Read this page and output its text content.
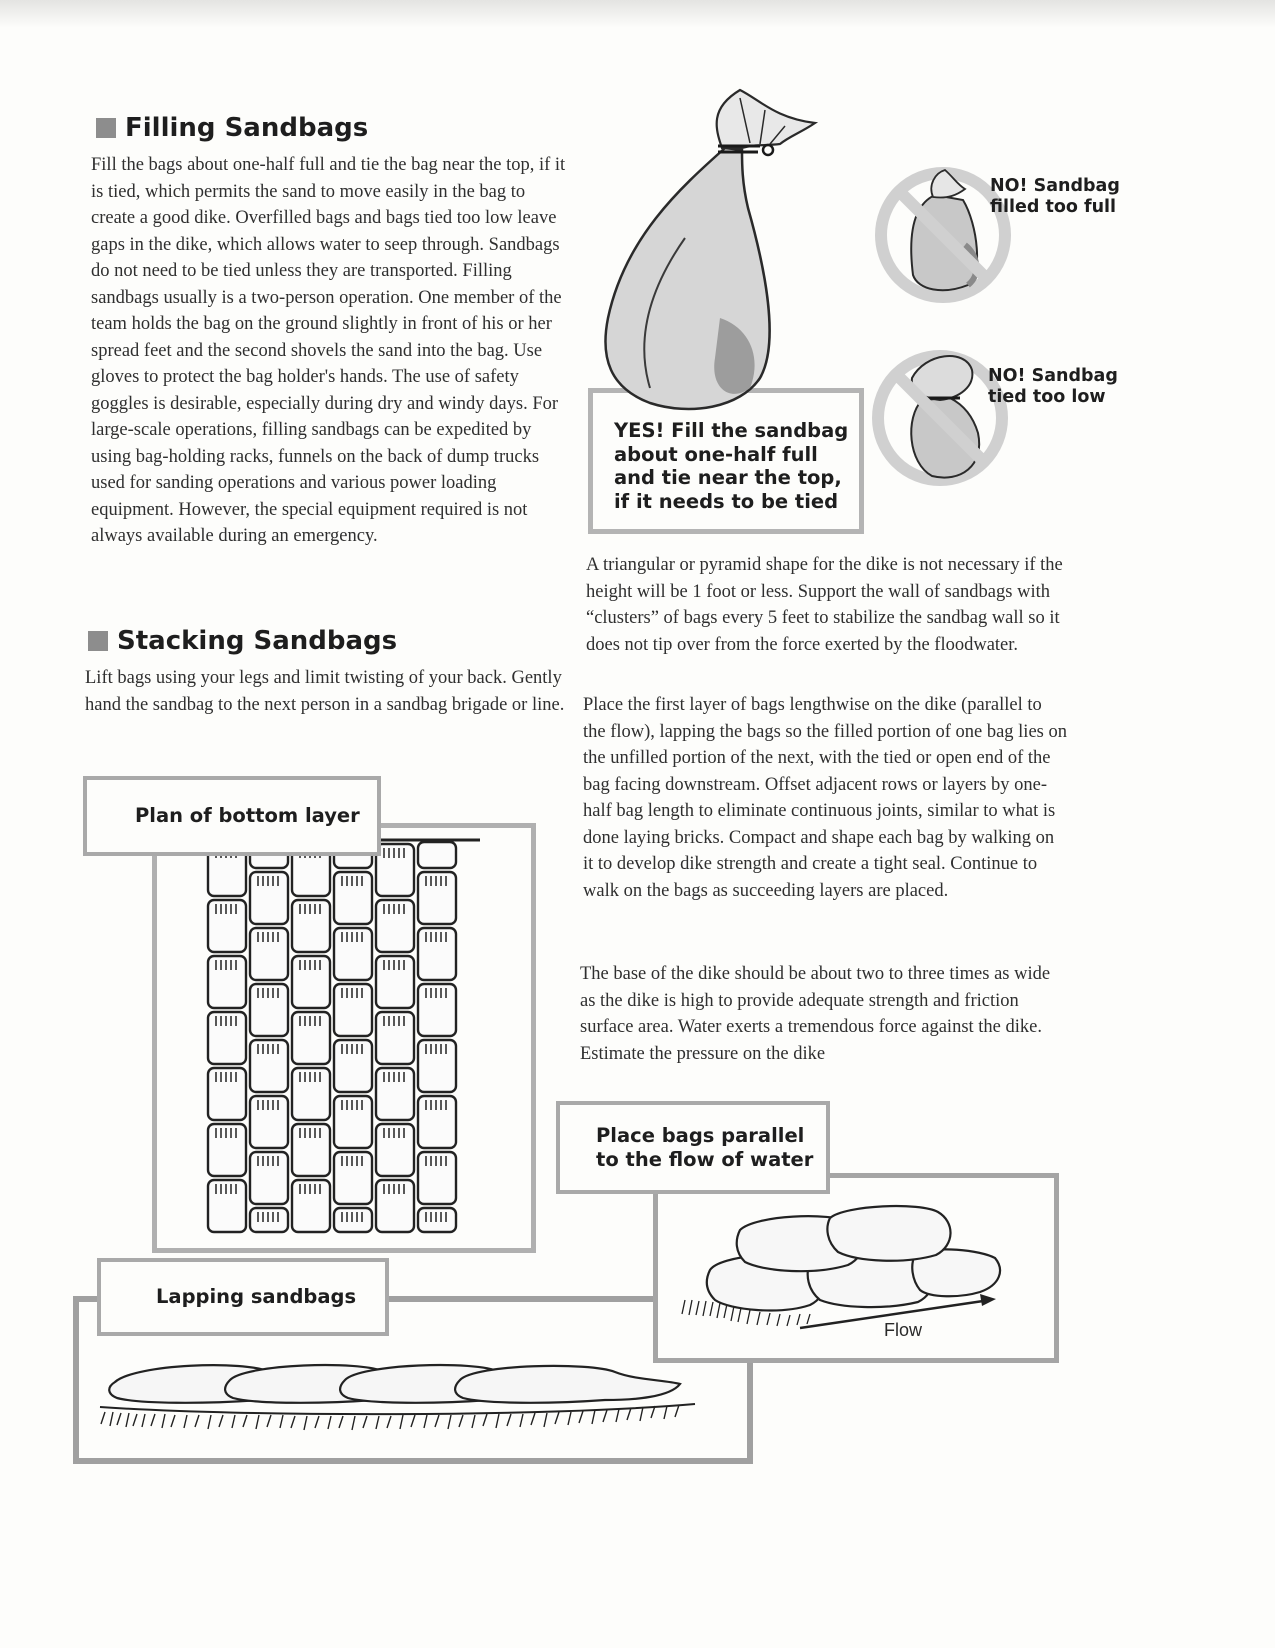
Filling Sandbags

Fill the bags about one-half full and tie the bag near the top, if it is tied, which permits the sand to move easily in the bag to create a good dike. Overfilled bags and bags tied too low leave gaps in the dike, which allows water to seep through. Sandbags do not need to be tied unless they are transported. Filling sandbags usually is a two-person operation. One member of the team holds the bag on the ground slightly in front of his or her spread feet and the second shovels the sand into the bag. Use gloves to protect the bag holder's hands. The use of safety goggles is desirable, especially during dry and windy days. For large-scale operations, filling sandbags can be expedited by using bag-holding racks, funnels on the back of dump trucks used for sanding operations and various power loading equipment. However, the special equipment required is not always available during an emergency.

Stacking Sandbags

Lift bags using your legs and limit twisting of your back. Gently hand the sandbag to the next person in a sandbag brigade or line.

YES! Fill the sandbag about one-half full and tie near the top, if it needs to be tied
NO! Sandbag filled too full
NO! Sandbag tied too low

A triangular or pyramid shape for the dike is not necessary if the height will be 1 foot or less. Support the wall of sandbags with “clusters” of bags every 5 feet to stabilize the sandbag wall so it does not tip over from the force exerted by the floodwater.

Place the first layer of bags lengthwise on the dike (parallel to the flow), lapping the bags so the filled portion of one bag lies on the unfilled portion of the next, with the tied or open end of the bag facing downstream. Offset adjacent rows or layers by one-half bag length to eliminate continuous joints, similar to what is done laying bricks. Compact and shape each bag by walking on it to develop dike strength and create a tight seal. Continue to walk on the bags as succeeding layers are placed.

The base of the dike should be about two to three times as wide as the dike is high to provide adequate strength and friction surface area. Water exerts a tremendous force against the dike. Estimate the pressure on the dike

Plan of bottom layer
Lapping sandbags
Flow
Place bags parallel to the flow of water
